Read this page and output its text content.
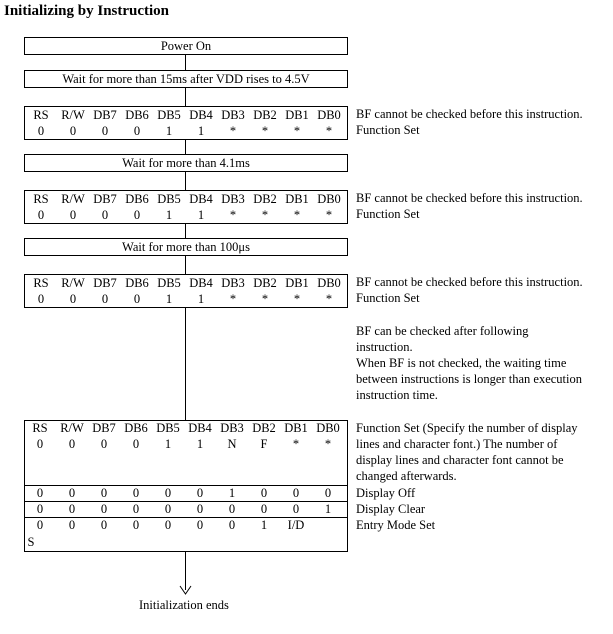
Initializing by Instruction
Power On
Wait for more than 15ms after VDD rises to 4.5V
RS	R/W DB7 DB6 DB5 DB4 DB3 DB2 DB1 DB0
0	0	0	0	1	1	*	*	*	*
BF cannot be checked before this instruction.
Function Set
Wait for more than 4.1ms
RS	R/W DB7 DB6 DB5 DB4 DB3 DB2 DB1 DB0
0	0	0	0	1	1	*	*	*	*
BF cannot be checked before this instruction.
Function Set
Wait for more than 100μs
RS	R/W DB7 DB6 DB5 DB4 DB3 DB2 DB1 DB0
0	0	0	0	1	1	*	*	*	*
BF cannot be checked before this instruction.
Function Set
BF can be checked after following
instruction.
When BF is not checked, the waiting time
between instructions is longer than execution
instruction time.
RS	R/W DB7 DB6 DB5 DB4 DB3 DB2 DB1 DB0
0	0	0	0	1	1	N	F	*	*
0	0	0	0	0	0	1	0	0	0
0	0	0	0	0	0	0	0	0	1
0	0	0	0	0	0	0	1	I/D
S
Function Set (Specify the number of display
lines and character font.) The number of
display lines and character font cannot be
changed afterwards.
Display Off
Display Clear
Entry Mode Set
Initialization ends
